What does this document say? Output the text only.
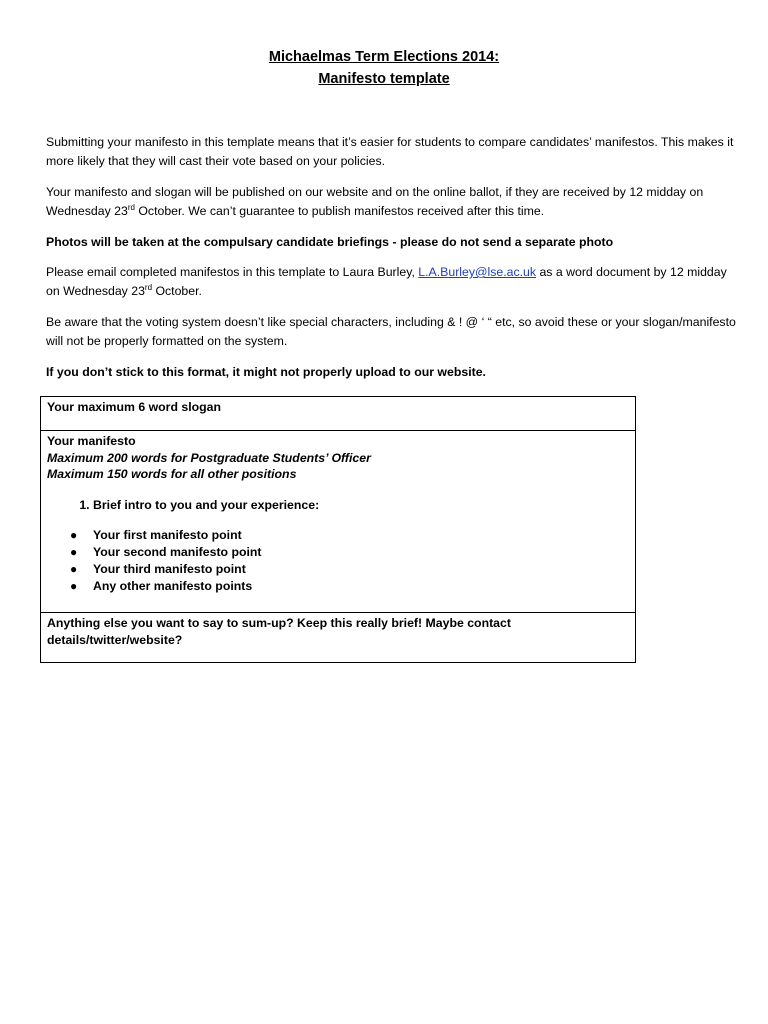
Michaelmas Term Elections 2014:
Manifesto template

Submitting your manifesto in this template means that it’s easier for students to compare candidates’ manifestos. This makes it more likely that they will cast their vote based on your policies.

Your manifesto and slogan will be published on our website and on the online ballot, if they are received by 12 midday on Wednesday 23rd October. We can’t guarantee to publish manifestos received after this time.

Photos will be taken at the compulsary candidate briefings - please do not send a separate photo

Please email completed manifestos in this template to Laura Burley, L.A.Burley@lse.ac.uk as a word document by 12 midday on Wednesday 23rd October.

Be aware that the voting system doesn’t like special characters, including & ! @ ‘ “ etc, so avoid these or your slogan/manifesto will not be properly formatted on the system.

If you don’t stick to this format, it might not properly upload to our website.

Your maximum 6 word slogan
Your manifesto
Maximum 200 words for Postgraduate Students’ Officer
Maximum 150 words for all other positions
1. Brief intro to you and your experience:
● Your first manifesto point
● Your second manifesto point
● Your third manifesto point
● Any other manifesto points

Anything else you want to say to sum-up? Keep this really brief! Maybe contact details/twitter/website?
